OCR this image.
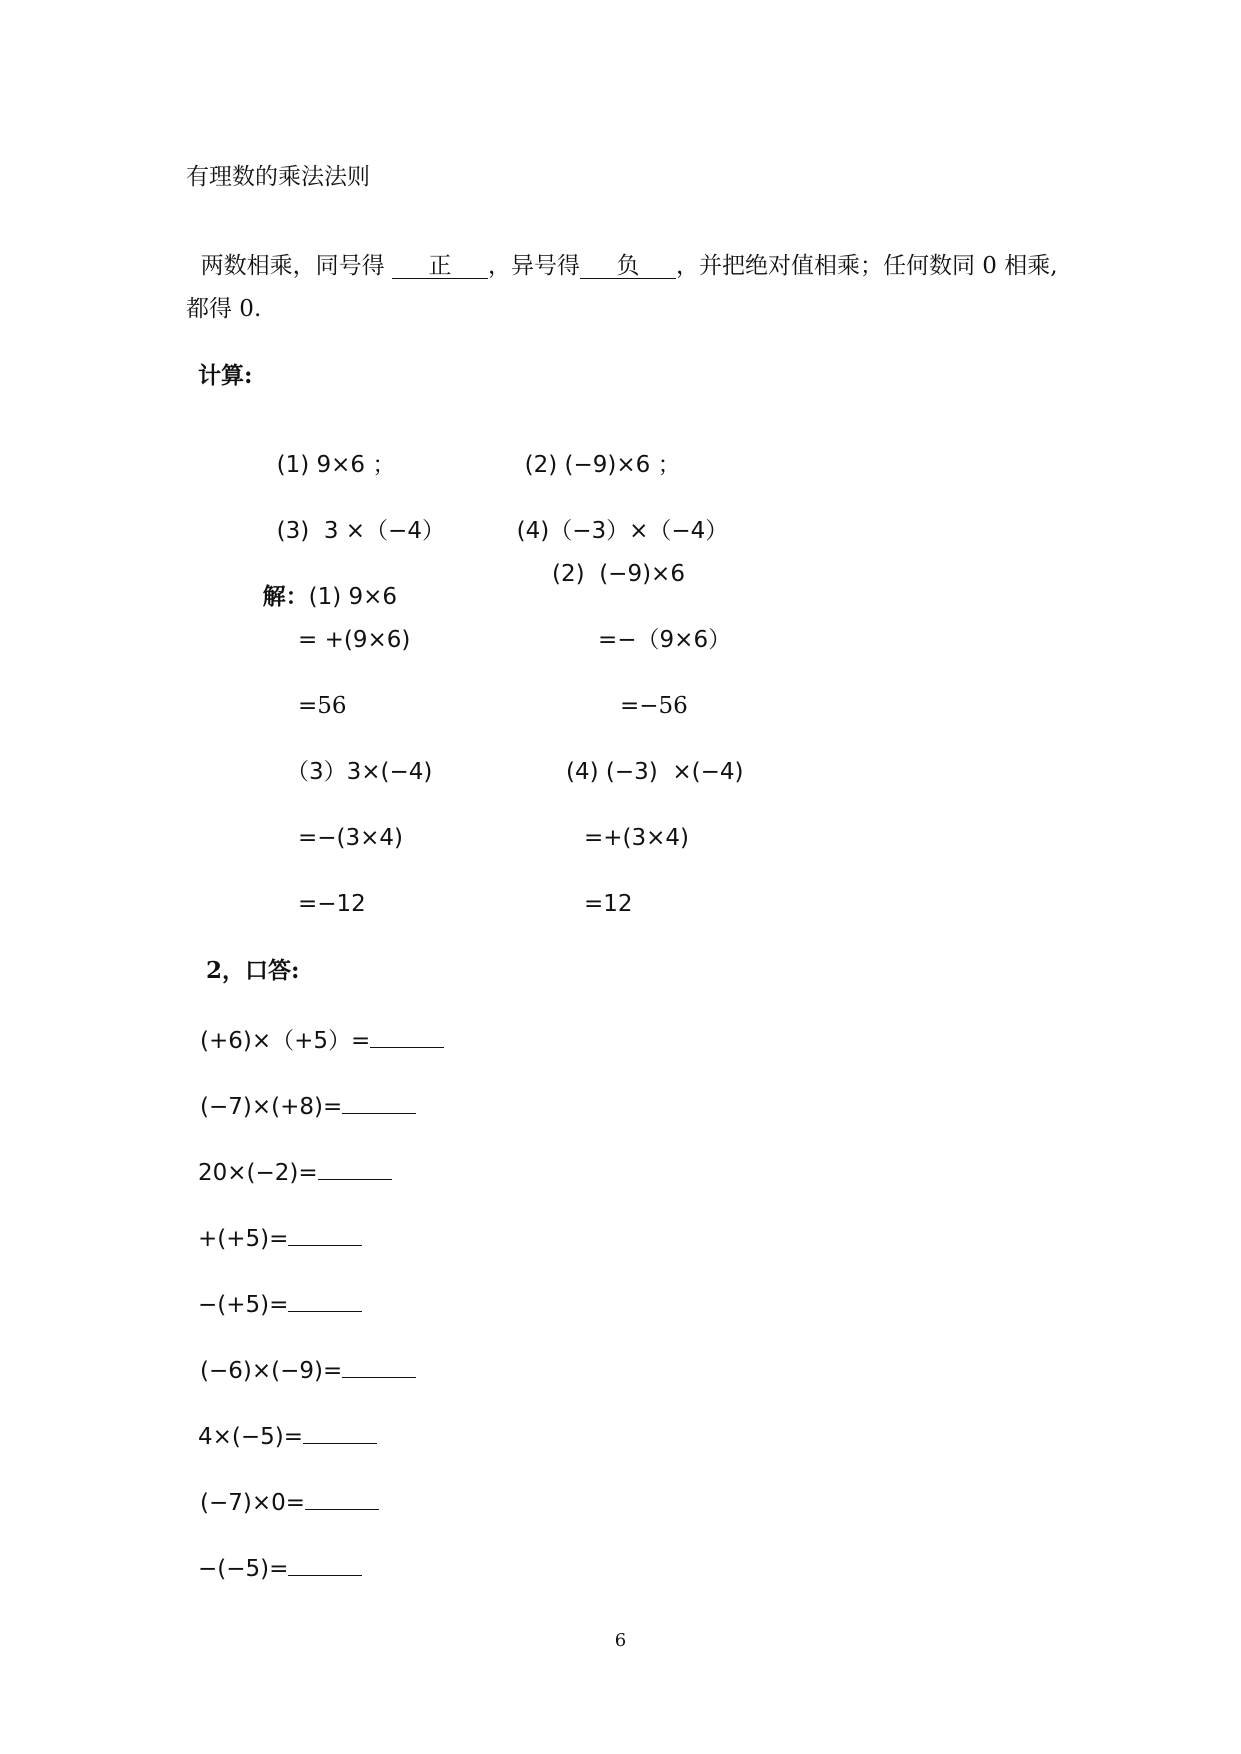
有理数的乘法法则

两数相乘，同号得 正 ，异号得 负 ，并把绝对值相乘；任何数同 0 相乘,

都得 0.
计算:

(1) 9×6 ；	(2) (−9)×6 ；

(3)  3 ×（−4）	(4)（−3）×（−4）

解：(1) 9×6

= +(9×6)
=56
(2)  (−9)×6
=−（9×6）
=−56
（3）3×(−4)
=−(3×4)
=−12
(4) (−3)  ×(−4)
=+(3×4)
=12
2，口答:
(+6)×（+5）=
(−7)×(+8)=
20×(−2)=
+(+5)=
−(+5)=
(−6)×(−9)=
4×(−5)=
(−7)×0=
−(−5)=
6
